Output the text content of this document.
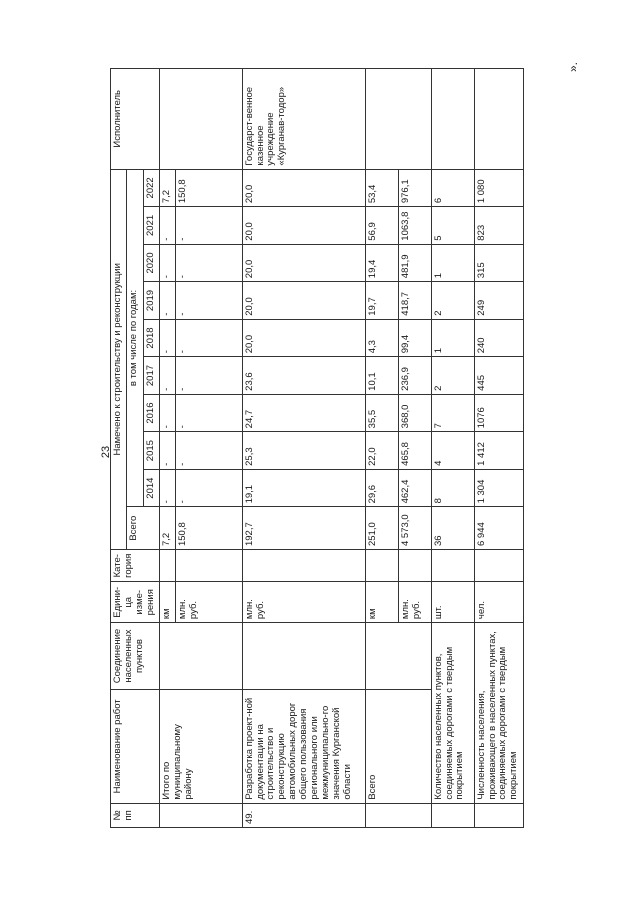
23
№ пп	Наименование работ	Соединение населенных пунктов	Едини-ца изме-рения	Кате-гория	Намечено к строительству и реконструкции										Исполнитель
					Всего	в том числе по годам:									
						2014	2015	2016	2017	2018	2019	2020	2021	2022	
	Итого по муниципальному району		км		7,2	-	-	-	-	-	-	-	-	7,2	
			млн. руб.		150,8	-	-	-	-	-	-	-	-	150,8	
49.	Разработка проект-ной документации на строительство и реконструкцию автомобильных дорог общего пользования регионального или межмуниципально-го значения Курганской области		млн. руб.		192,7	19,1	25,3	24,7	23,6	20,0	20,0	20,0	20,0	20,0	Государст-венное казенное учреждение «Курганав-тодор»
	Всего		км		251,0	29,6	22,0	35,5	10,1	4,3	19,7	19,4	56,9	53,4	
			млн. руб.		4 573,0	462,4	465,8	368,0	236,9	99,4	418,7	481,9	1063,8	976,1	
	Количество населенных пунктов, соединяемых дорогами с твердым покрытием		шт.		36	8	4	7	2	1	2	1	5	6	
	Численность населения, проживающего в населенных пунктах, соединяемых дорогами с твердым покрытием		чел.		6 944	1 304	1 412	1076	445	240	249	315	823	1 080	
».
